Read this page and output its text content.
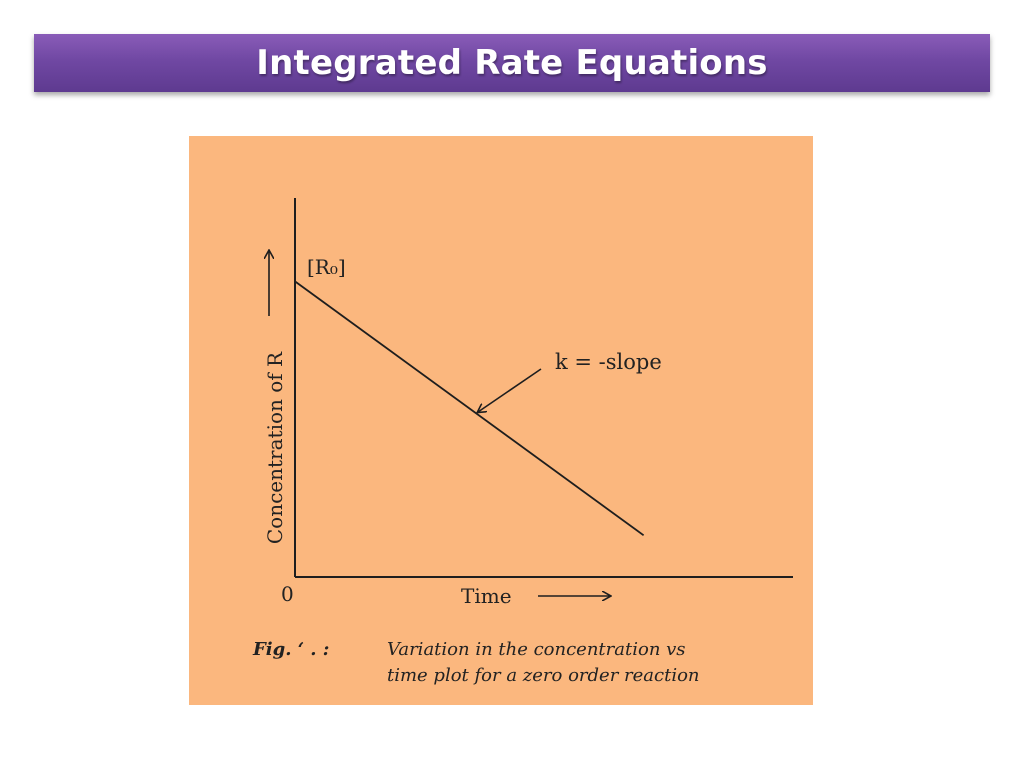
Integrated Rate Equations
0
[R₀]
Concentration of R
Time
k = -slope
Fig. ‘ . :	Variation in the concentration vs
time plot for a zero order reaction
